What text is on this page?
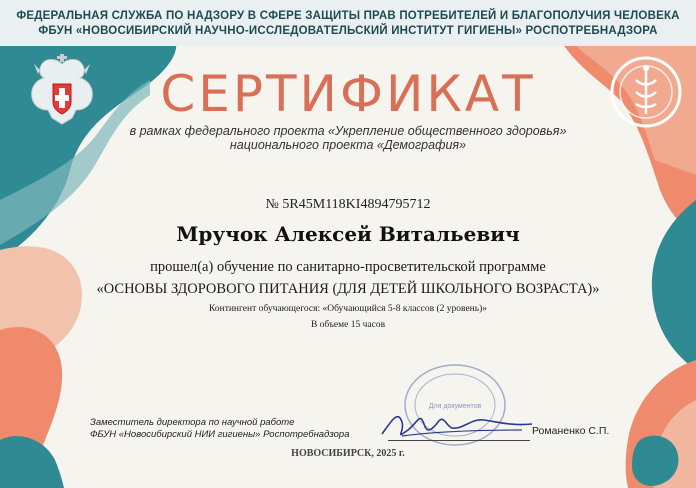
ФЕДЕРАЛЬНАЯ СЛУЖБА ПО НАДЗОРУ В СФЕРЕ ЗАЩИТЫ ПРАВ ПОТРЕБИТЕЛЕЙ И БЛАГОПОЛУЧИЯ ЧЕЛОВЕКА
ФБУН «НОВОСИБИРСКИЙ НАУЧНО-ИССЛЕДОВАТЕЛЬСКИЙ ИНСТИТУТ ГИГИЕНЫ» РОСПОТРЕБНАДЗОРА
СЕРТИФИКАТ
в рамках федерального проекта «Укрепление общественного здоровья»
национального проекта «Демография»
№ 5R45M118KI4894795712
Мручок Алексей Витальевич
прошел(а) обучение по санитарно-просветительской программе
«ОСНОВЫ ЗДОРОВОГО ПИТАНИЯ (ДЛЯ ДЕТЕЙ ШКОЛЬНОГО ВОЗРАСТА)»
Контингент обучающегося: «Обучающийся 5-8 классов (2 уровень)»
В объеме 15 часов
Для документов
Заместитель директора по научной работе
ФБУН «Новосибирский НИИ гигиены» Роспотребнадзора	Романенко С.П.
НОВОСИБИРСК, 2025 г.
